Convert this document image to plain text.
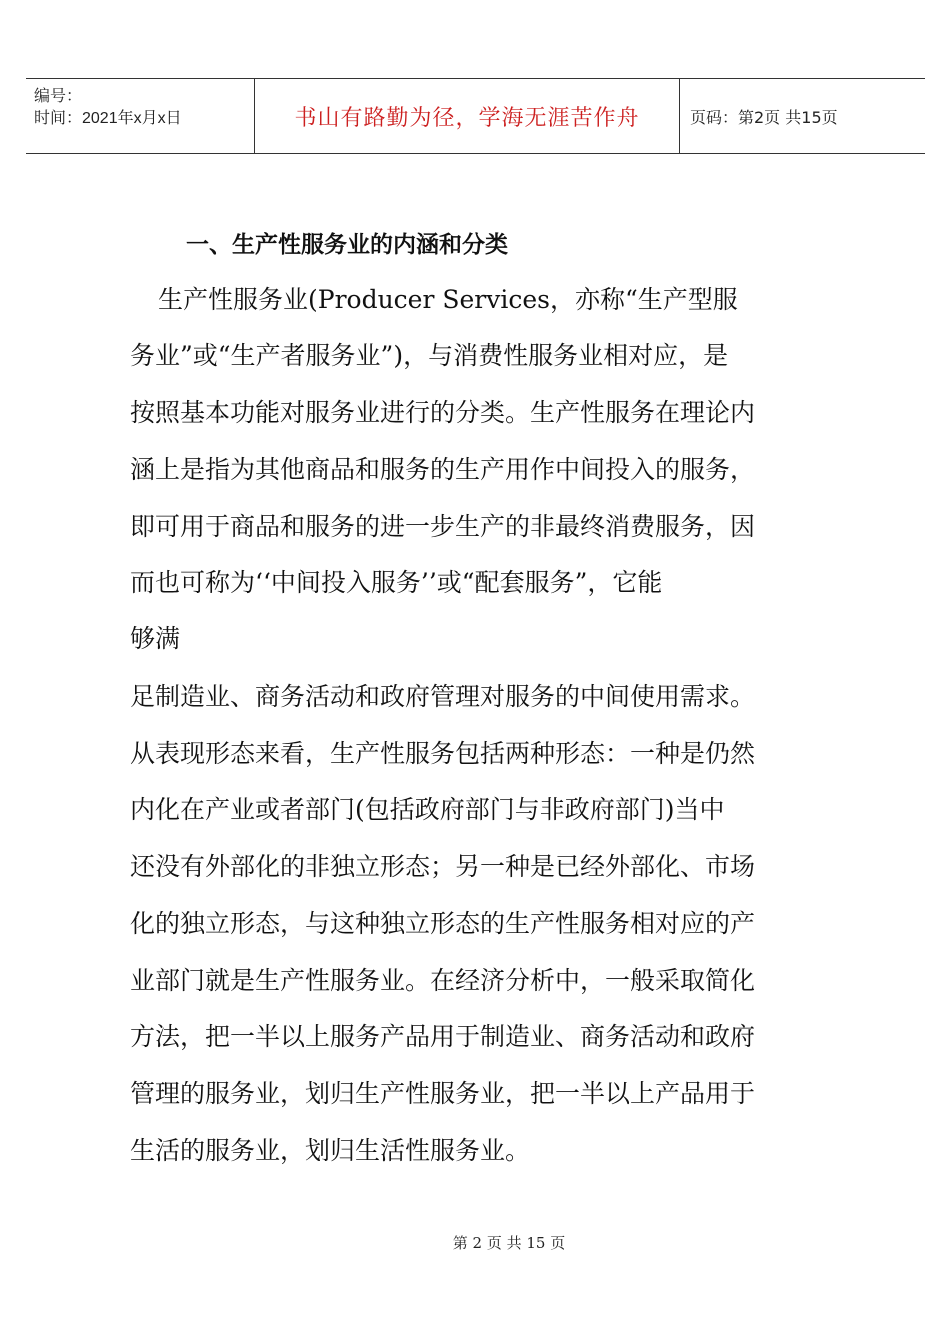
编号：
时间：2021年x月x日	书山有路勤为径，学海无涯苦作舟	页码：第2页 共15页
一、生产性服务业的内涵和分类
生产性服务业(Producer Services，亦称“生产型服
务业”或“生产者服务业”)，与消费性服务业相对应，是
按照基本功能对服务业进行的分类。生产性服务在理论内
涵上是指为其他商品和服务的生产用作中间投入的服务，
即可用于商品和服务的进一步生产的非最终消费服务，因
而也可称为‘‘中间投入服务’’或“配套服务”，它能
够满
足制造业、商务活动和政府管理对服务的中间使用需求。
从表现形态来看，生产性服务包括两种形态：一种是仍然
内化在产业或者部门(包括政府部门与非政府部门)当中
还没有外部化的非独立形态；另一种是已经外部化、市场
化的独立形态，与这种独立形态的生产性服务相对应的产
业部门就是生产性服务业。在经济分析中，一般采取简化
方法，把一半以上服务产品用于制造业、商务活动和政府
管理的服务业，划归生产性服务业，把一半以上产品用于
生活的服务业，划归生活性服务业。
第 2 页 共 15 页
